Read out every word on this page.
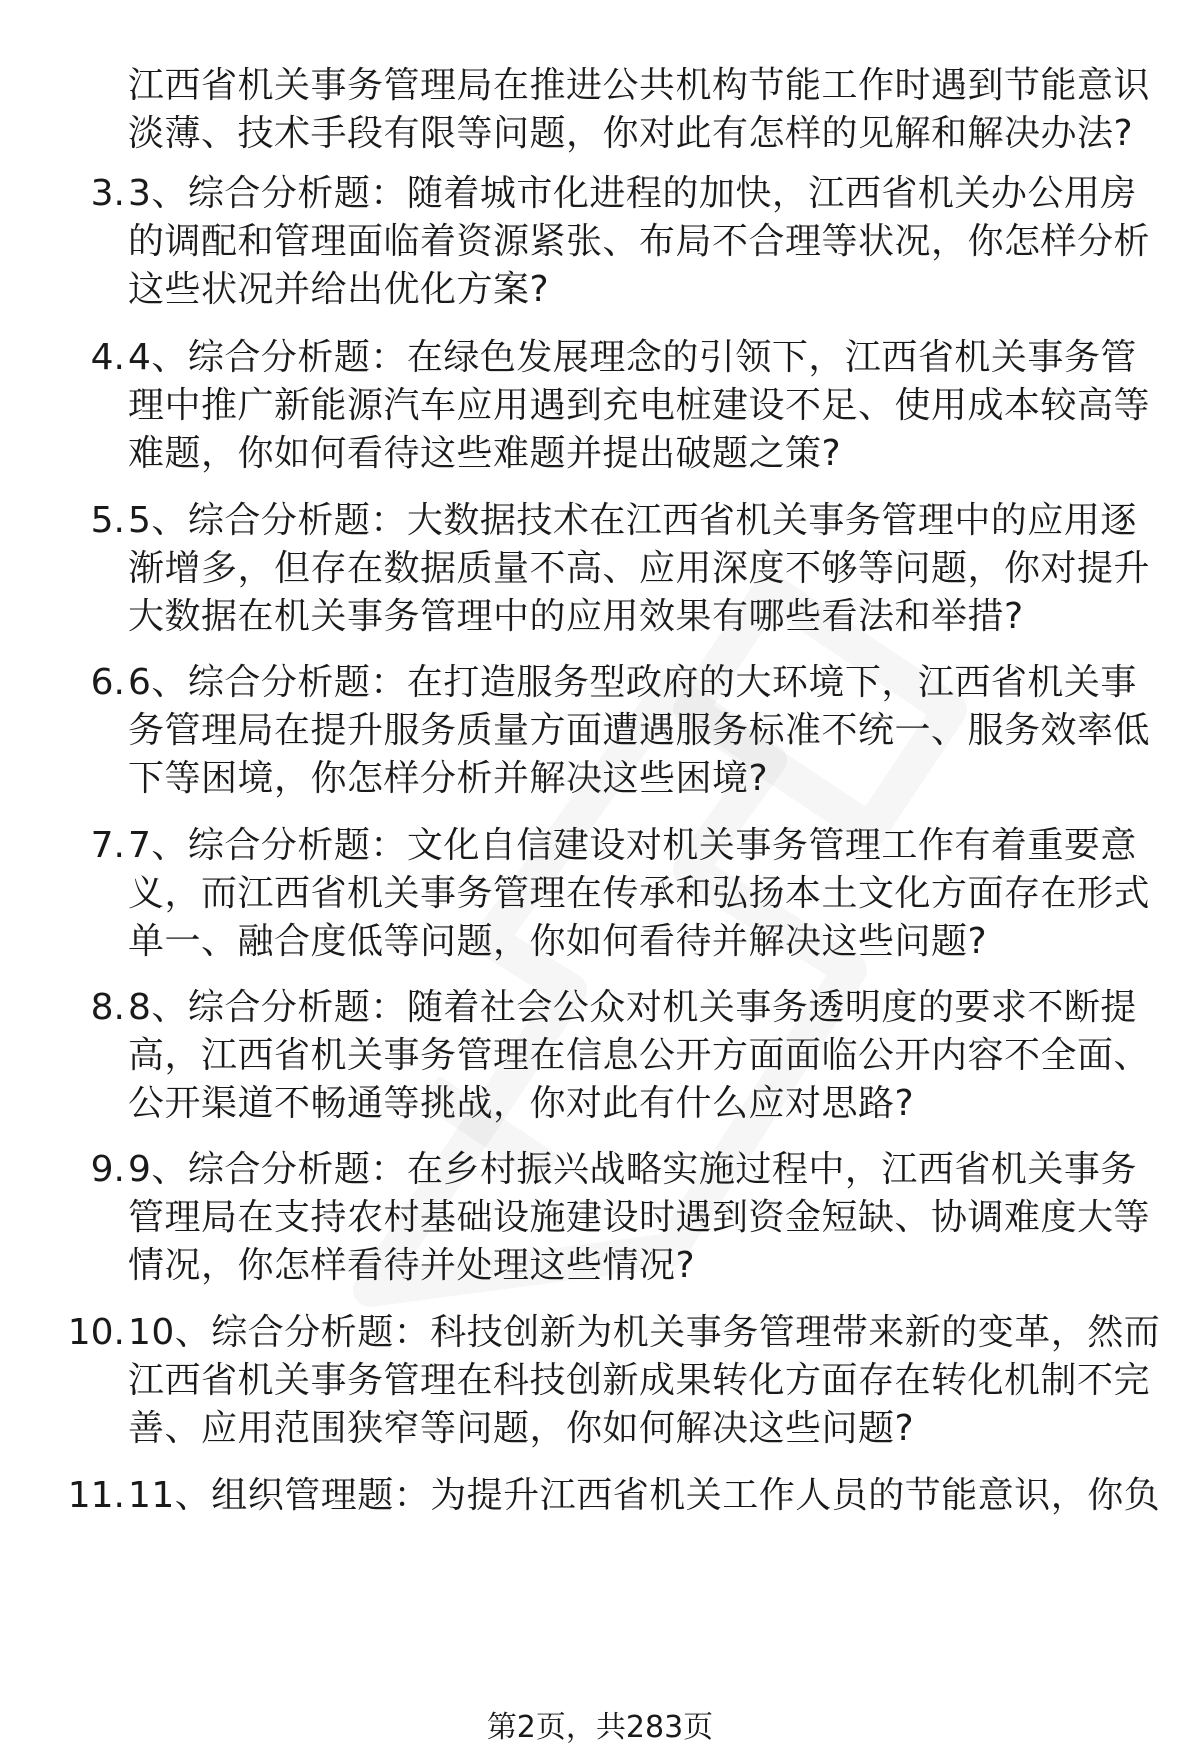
江西省机关事务管理局在推进公共机构节能工作时遇到节能意识淡薄、技术手段有限等问题，你对此有怎样的见解和解决办法?
3. 3、综合分析题：随着城市化进程的加快，江西省机关办公用房的调配和管理面临着资源紧张、布局不合理等状况，你怎样分析这些状况并给出优化方案?
4. 4、综合分析题：在绿色发展理念的引领下，江西省机关事务管理中推广新能源汽车应用遇到充电桩建设不足、使用成本较高等难题，你如何看待这些难题并提出破题之策?
5. 5、综合分析题：大数据技术在江西省机关事务管理中的应用逐渐增多，但存在数据质量不高、应用深度不够等问题，你对提升大数据在机关事务管理中的应用效果有哪些看法和举措?
6. 6、综合分析题：在打造服务型政府的大环境下，江西省机关事务管理局在提升服务质量方面遭遇服务标准不统一、服务效率低下等困境，你怎样分析并解决这些困境?
7. 7、综合分析题：文化自信建设对机关事务管理工作有着重要意义，而江西省机关事务管理在传承和弘扬本土文化方面存在形式单一、融合度低等问题，你如何看待并解决这些问题?
8. 8、综合分析题：随着社会公众对机关事务透明度的要求不断提高，江西省机关事务管理在信息公开方面面临公开内容不全面、公开渠道不畅通等挑战，你对此有什么应对思路?
9. 9、综合分析题：在乡村振兴战略实施过程中，江西省机关事务管理局在支持农村基础设施建设时遇到资金短缺、协调难度大等情况，你怎样看待并处理这些情况?
10. 10、综合分析题：科技创新为机关事务管理带来新的变革，然而江西省机关事务管理在科技创新成果转化方面存在转化机制不完善、应用范围狭窄等问题，你如何解决这些问题?
11. 11、组织管理题：为提升江西省机关工作人员的节能意识，你负
第2页，共283页
